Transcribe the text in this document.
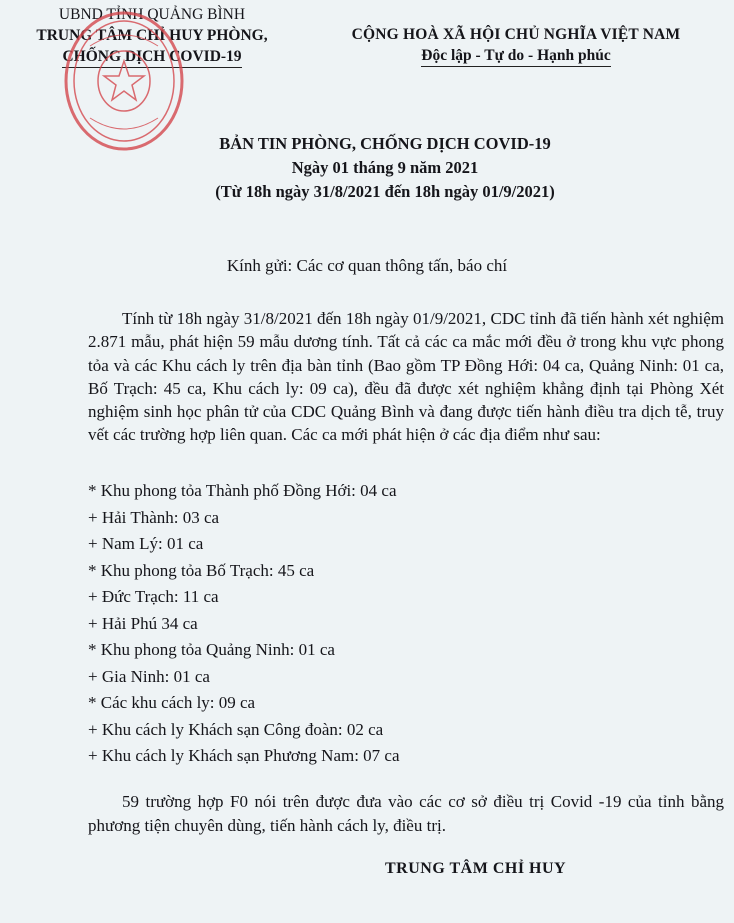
UBND TỈNH QUẢNG BÌNH
TRUNG TÂM CHỈ HUY PHÒNG,
CHỐNG DỊCH COVID-19
CỘNG HOÀ XÃ HỘI CHỦ NGHĨA VIỆT NAM
Độc lập - Tự do - Hạnh phúc
BẢN TIN PHÒNG, CHỐNG DỊCH COVID-19
Ngày 01 tháng 9 năm 2021
(Từ 18h ngày 31/8/2021 đến 18h ngày 01/9/2021)
Kính gửi: Các cơ quan thông tấn, báo chí
Tính từ 18h ngày 31/8/2021 đến 18h ngày 01/9/2021, CDC tỉnh đã tiến hành xét nghiệm 2.871 mẫu, phát hiện 59 mẫu dương tính. Tất cả các ca mắc mới đều ở trong khu vực phong tỏa và các Khu cách ly trên địa bàn tỉnh (Bao gồm TP Đồng Hới: 04 ca, Quảng Ninh: 01 ca, Bố Trạch: 45 ca, Khu cách ly: 09 ca), đều đã được xét nghiệm khẳng định tại Phòng Xét nghiệm sinh học phân tử của CDC Quảng Bình và đang được tiến hành điều tra dịch tễ, truy vết các trường hợp liên quan. Các ca mới phát hiện ở các địa điểm như sau:
* Khu phong tỏa Thành phố Đồng Hới: 04 ca
+ Hải Thành: 03 ca
+ Nam Lý: 01 ca
* Khu phong tỏa Bố Trạch: 45 ca
+ Đức Trạch: 11 ca
+ Hải Phú 34 ca
* Khu phong tỏa Quảng Ninh: 01 ca
+ Gia Ninh: 01 ca
* Các khu cách ly: 09 ca
+ Khu cách ly Khách sạn Công đoàn: 02 ca
+ Khu cách ly Khách sạn Phương Nam: 07 ca
59 trường hợp F0 nói trên được đưa vào các cơ sở điều trị Covid -19 của tỉnh bằng phương tiện chuyên dùng, tiến hành cách ly, điều trị.
TRUNG TÂM CHỈ HUY
